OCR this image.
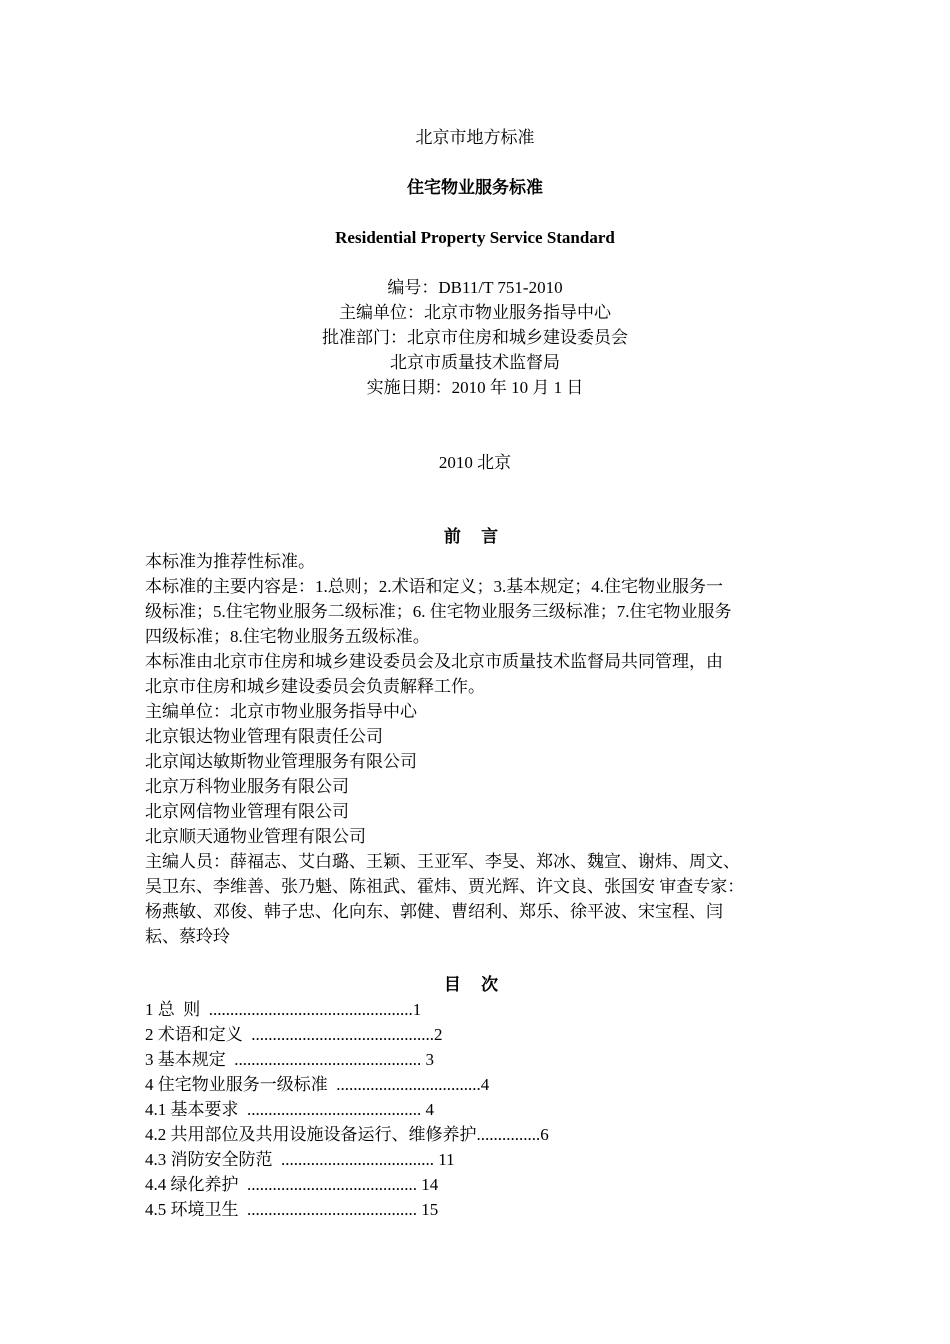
北京市地方标准
住宅物业服务标准
Residential Property Service Standard
编号：DB11/T 751-2010
主编单位：北京市物业服务指导中心
批准部门：北京市住房和城乡建设委员会
北京市质量技术监督局
实施日期：2010 年 10 月 1 日
2010 北京
前 言
本标准为推荐性标准。
本标准的主要内容是：1.总则；2.术语和定义；3.基本规定；4.住宅物业服务一
级标准；5.住宅物业服务二级标准；6. 住宅物业服务三级标准；7.住宅物业服务
四级标准；8.住宅物业服务五级标准。
本标准由北京市住房和城乡建设委员会及北京市质量技术监督局共同管理，由
北京市住房和城乡建设委员会负责解释工作。
主编单位：北京市物业服务指导中心
北京银达物业管理有限责任公司
北京闻达敏斯物业管理服务有限公司
北京万科物业服务有限公司
北京网信物业管理有限公司
北京顺天通物业管理有限公司
主编人员：薛福志、艾白璐、王颖、王亚军、李旻、郑冰、魏宣、谢炜、周文、
吴卫东、李维善、张乃魁、陈祖武、霍炜、贾光辉、许文良、张国安 审查专家：
杨燕敏、邓俊、韩子忠、化向东、郭健、曹绍利、郑乐、徐平波、宋宝程、闫
耘、蔡玲玲
目 次
1 总  则  ................................................1
2 术语和定义  ...........................................2
3 基本规定  ............................................ 3
4 住宅物业服务一级标准  ..................................4
4.1 基本要求  ......................................... 4
4.2 共用部位及共用设施设备运行、维修养护...............6
4.3 消防安全防范  .................................... 11
4.4 绿化养护  ........................................ 14
4.5 环境卫生  ........................................ 15
